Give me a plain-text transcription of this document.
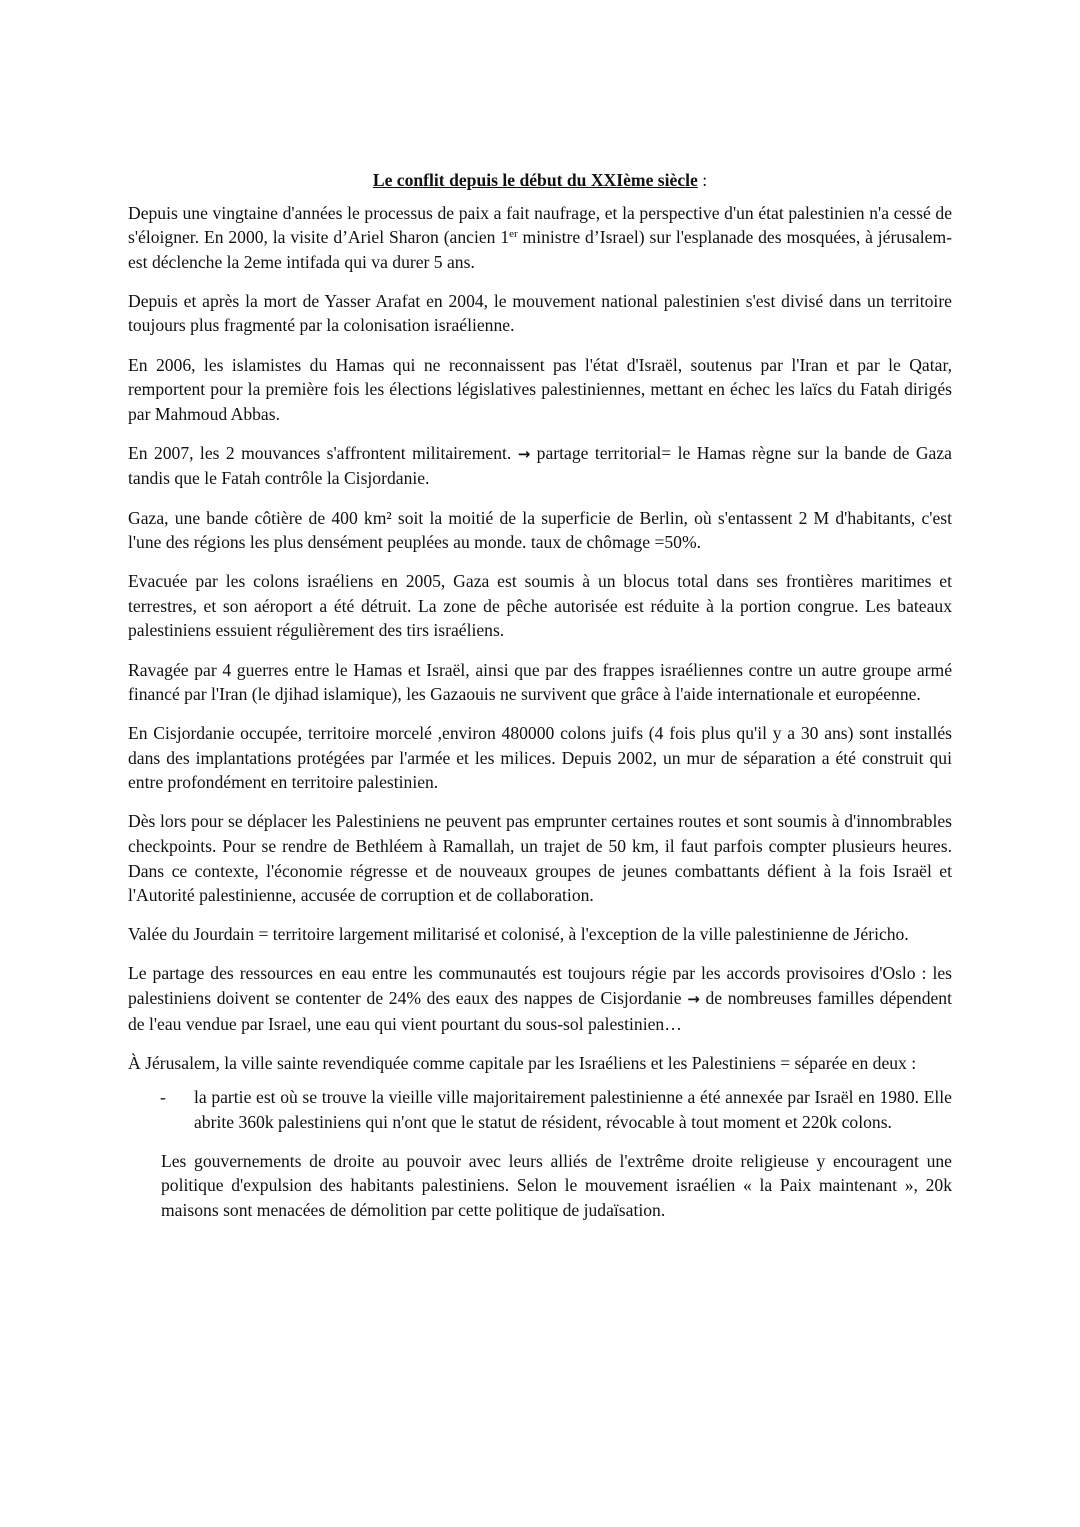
Le conflit depuis le début du XXIème siècle :

Depuis une vingtaine d'années le processus de paix a fait naufrage, et la perspective d'un état palestinien n'a cessé de s'éloigner. En 2000, la visite d’Ariel Sharon (ancien 1er ministre d’Israel) sur l'esplanade des mosquées, à jérusalem-est déclenche la 2eme intifada qui va durer 5 ans.

Depuis et après la mort de Yasser Arafat en 2004, le mouvement national palestinien s'est divisé dans un territoire toujours plus fragmenté par la colonisation israélienne.

En 2006, les islamistes du Hamas qui ne reconnaissent pas l'état d'Israël, soutenus par l'Iran et par le Qatar, remportent pour la première fois les élections législatives palestiniennes, mettant en échec les laïcs du Fatah dirigés par Mahmoud Abbas.

En 2007, les 2 mouvances s'affrontent militairement. → partage territorial= le Hamas règne sur la bande de Gaza tandis que le Fatah contrôle la Cisjordanie.

Gaza, une bande côtière de 400 km² soit la moitié de la superficie de Berlin, où s'entassent 2 M d'habitants, c'est l'une des régions les plus densément peuplées au monde. taux de chômage =50%.

Evacuée par les colons israéliens en 2005, Gaza est soumis à un blocus total dans ses frontières maritimes et terrestres, et son aéroport a été détruit. La zone de pêche autorisée est réduite à la portion congrue. Les bateaux palestiniens essuient régulièrement des tirs israéliens.

Ravagée par 4 guerres entre le Hamas et Israël, ainsi que par des frappes israéliennes contre un autre groupe armé financé par l'Iran (le djihad islamique), les Gazaouis ne survivent que grâce à l'aide internationale et européenne.

En Cisjordanie occupée, territoire morcelé ,environ 480000 colons juifs (4 fois plus qu'il y a 30 ans) sont installés dans des implantations protégées par l'armée et les milices. Depuis 2002, un mur de séparation a été construit qui entre profondément en territoire palestinien.

Dès lors pour se déplacer les Palestiniens ne peuvent pas emprunter certaines routes et sont soumis à d'innombrables checkpoints. Pour se rendre de Bethléem à Ramallah, un trajet de 50 km, il faut parfois compter plusieurs heures. Dans ce contexte, l'économie régresse et de nouveaux groupes de jeunes combattants défient à la fois Israël et l'Autorité palestinienne, accusée de corruption et de collaboration.

Valée du Jourdain = territoire largement militarisé et colonisé, à l'exception de la ville palestinienne de Jéricho.

Le partage des ressources en eau entre les communautés est toujours régie par les accords provisoires d'Oslo : les palestiniens doivent se contenter de 24% des eaux des nappes de Cisjordanie → de nombreuses familles dépendent de l'eau vendue par Israel, une eau qui vient pourtant du sous-sol palestinien…

À Jérusalem, la ville sainte revendiquée comme capitale par les Israéliens et les Palestiniens = séparée en deux :

- la partie est où se trouve la vieille ville majoritairement palestinienne a été annexée par Israël en 1980. Elle abrite 360k palestiniens qui n'ont que le statut de résident, révocable à tout moment et 220k colons.

Les gouvernements de droite au pouvoir avec leurs alliés de l'extrême droite religieuse y encouragent une politique d'expulsion des habitants palestiniens. Selon le mouvement israélien « la Paix maintenant », 20k maisons sont menacées de démolition par cette politique de judaïsation.
